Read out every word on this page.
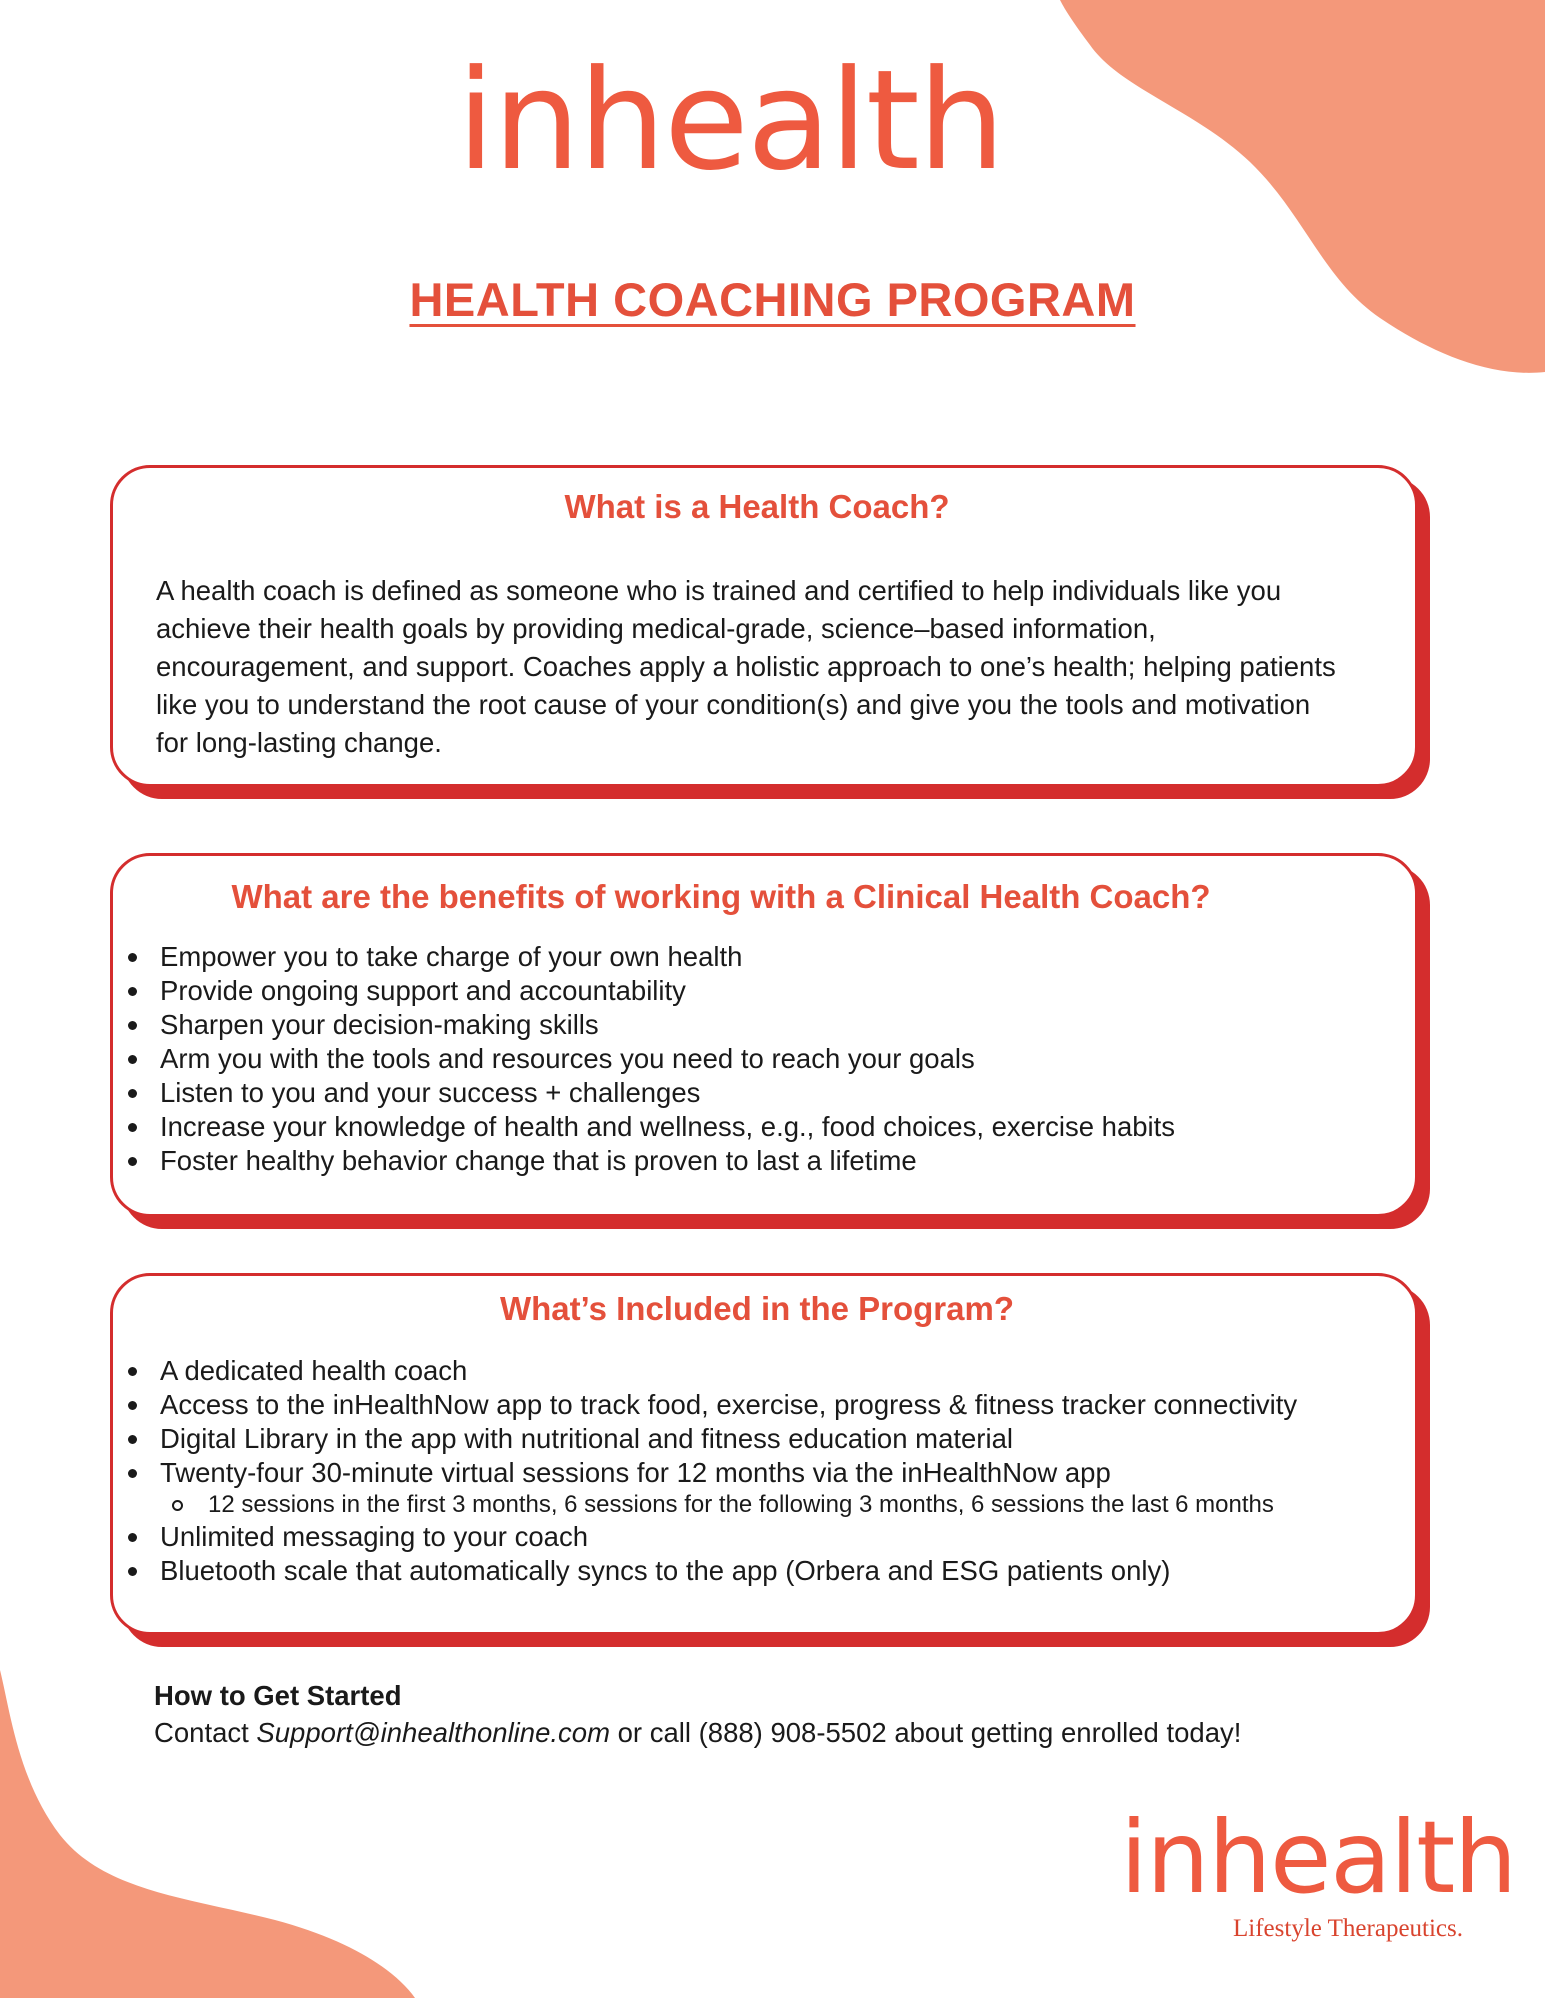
inhealth
HEALTH COACHING PROGRAM
What is a Health Coach?

A health coach is defined as someone who is trained and certified to help individuals like you achieve their health goals by providing medical-grade, science–based information, encouragement, and support. Coaches apply a holistic approach to one’s health; helping patients like you to understand the root cause of your condition(s) and give you the tools and motivation for long-lasting change.

What are the benefits of working with a Clinical Health Coach?
Empower you to take charge of your own health
Provide ongoing support and accountability
Sharpen your decision-making skills
Arm you with the tools and resources you need to reach your goals
Listen to you and your success + challenges
Increase your knowledge of health and wellness, e.g., food choices, exercise habits
Foster healthy behavior change that is proven to last a lifetime
What’s Included in the Program?
A dedicated health coach
Access to the inHealthNow app to track food, exercise, progress & fitness tracker connectivity
Digital Library in the app with nutritional and fitness education material
Twenty-four 30-minute virtual sessions for 12 months via the inHealthNow app
12 sessions in the first 3 months, 6 sessions for the following 3 months, 6 sessions the last 6 months
Unlimited messaging to your coach
Bluetooth scale that automatically syncs to the app (Orbera and ESG patients only)
How to Get Started
Contact Support@inhealthonline.com or call (888) 908-5502 about getting enrolled today!
inhealth
Lifestyle Therapeutics.
